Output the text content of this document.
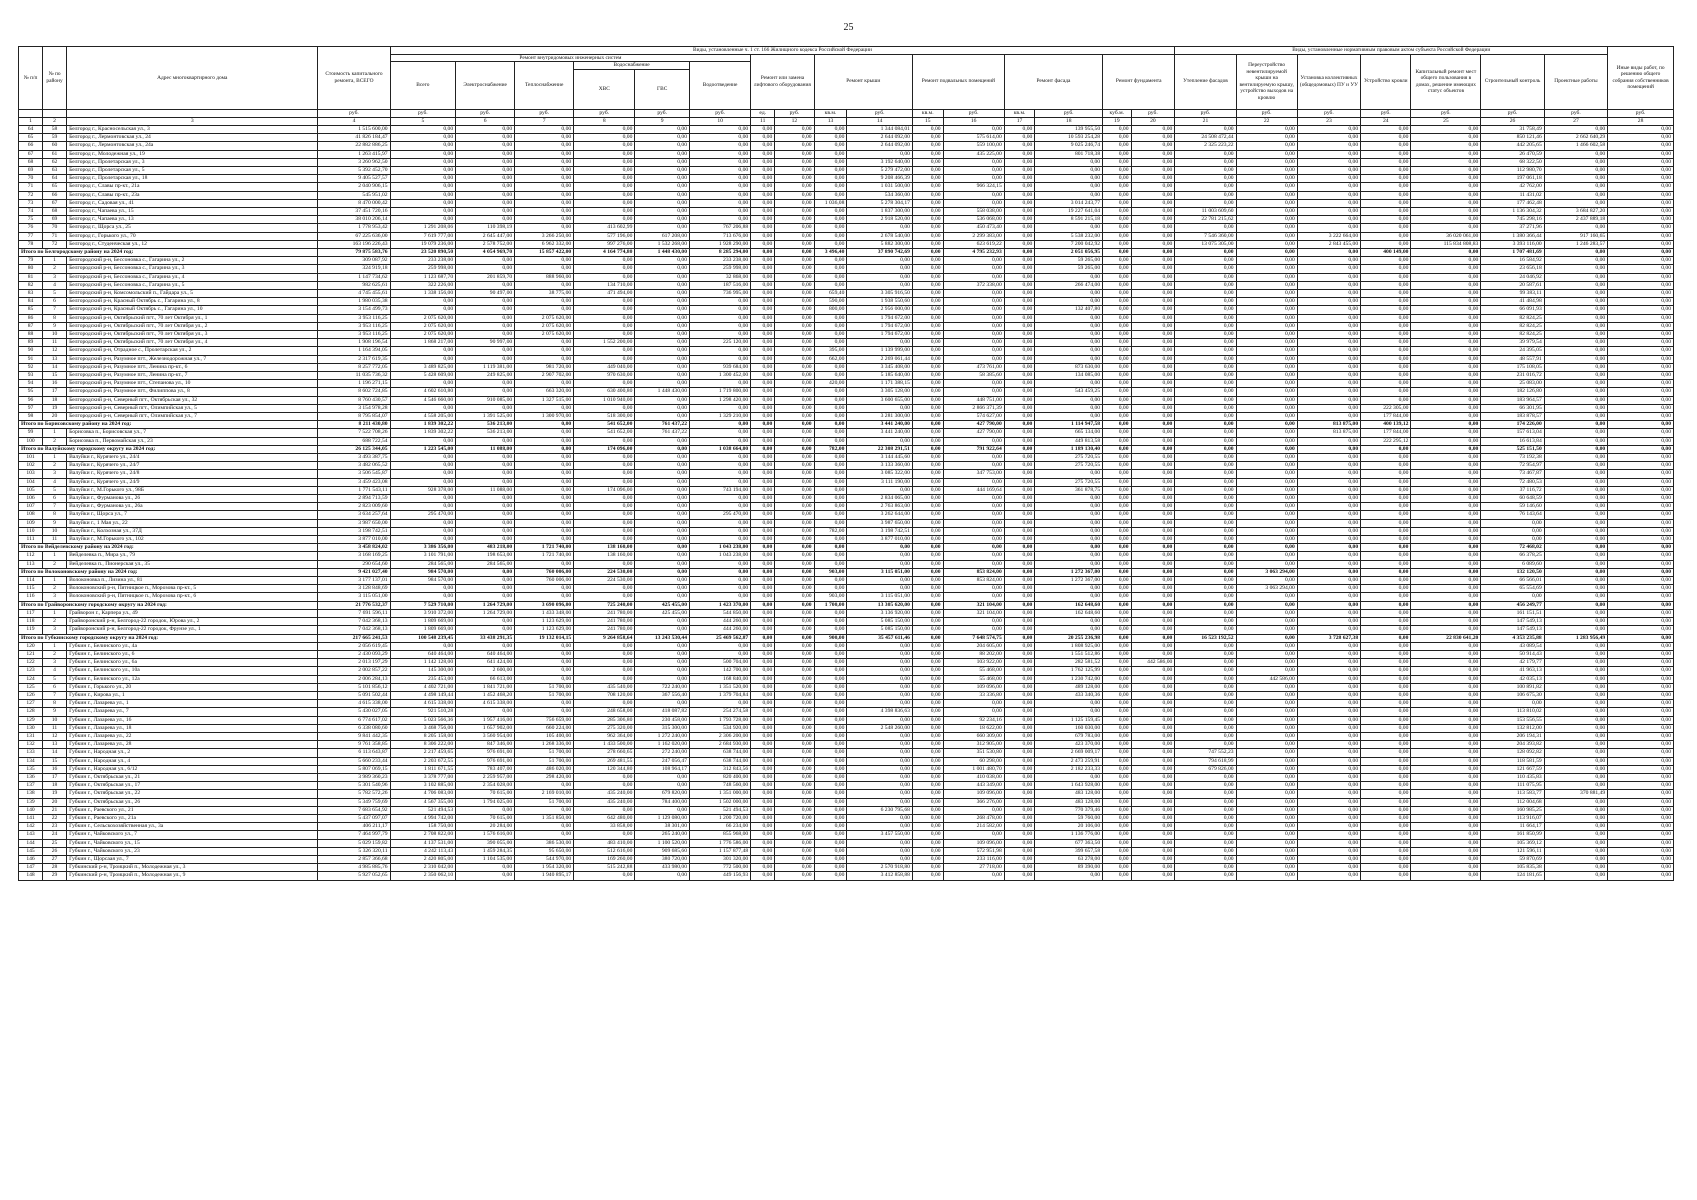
25
№ п/п	№ по району	Адрес многоквартирного дома	Стоимость капитального ремонта, ВСЕГО	Виды, установленные ч. 1 ст. 166 Жилищного кодекса Российской Федерации																Виды, установленные нормативным правовым актом субъекта Российской Федерации							Иные виды работ, по решению общего собрания собственников помещений
				Ремонт внутридомовых инженерных систем						Ремонт или замена лифтового оборудования		Ремонт крыши		Ремонт подвальных помещений		Ремонт фасада		Ремонт фундамента		Утепление фасадов	Переустройство невентилируемой крыши на вентилируемую крышу, устройство выходов на кровлю	Установка коллективных (общедомовых) ПУ и УУ	Устройство кровли	Капитальный ремонт мест общего пользования в домах, решение имеющих статус объектов	Строительный контроль	Проектные работы	
				Всего	Электроснабжение	Теплоснабжение	Водоснабжение		Водоотведение																		
							ХВС	ГВС																			
			руб.	руб.	руб.	руб.	руб.	руб.	руб.	ед.	руб.	кв.м.	руб.	кв.м.	руб.	кв.м.	руб.	куб.м.	руб.	руб.	руб.	руб.	руб.	руб.	руб.	руб.	руб.
1	2	3	4	5	6	7	8	9	10	11	12	13	14	15	16	17	18	19	20	21	22	23	24	25	26	27	28
64	58	Белгород г., Красносельская ул., 3	1 515 600,00	0,00	0,00	0,00	0,00	0,00	0,00	0,00	0,00	0,00	1 344 084,01	0,00	0,00	0,00	139 955,50	0,00	0,00	0,00	0,00	0,00	0,00	0,00	31 758,49	0,00	0,00
65	59	Белгород г., Лермонтовская ул., 24	41 826 184,47	0,00	0,00	0,00	0,00	0,00	0,00	0,00	0,00	0,00	2 644 092,00	0,00	575 614,00	0,00	10 593 254,28	0,00	0,00	24 508 472,44	0,00	0,00	0,00	0,00	850 121,46	2 662 640,29	0,00
66	60	Белгород г., Лермонтовская ул., 24а	22 882 886,25	0,00	0,00	0,00	0,00	0,00	0,00	0,00	0,00	0,00	2 644 092,00	0,00	559 100,00	0,00	9 025 246,74	0,00	0,00	2 325 223,22	0,00	0,00	0,00	0,00	442 205,65	1 466 602,58	0,00
67	61	Белгород г., Молодежная ул., 19	1 263 415,97	0,00	0,00	0,00	0,00	0,00	0,00	0,00	0,00	0,00	0,00	0,00	435 225,00	0,00	801 718,38	0,00	0,00	0,00	0,00	0,00	0,00	0,00	26 470,59	0,00	0,00
68	62	Белгород г., Пролетарская ул., 3	3 260 962,50	0,00	0,00	0,00	0,00	0,00	0,00	0,00	0,00	0,00	3 192 640,00	0,00	0,00	0,00	0,00	0,00	0,00	0,00	0,00	0,00	0,00	0,00	68 322,50	0,00	0,00
69	63	Белгород г., Пролетарская ул., 5	5 392 452,70	0,00	0,00	0,00	0,00	0,00	0,00	0,00	0,00	0,00	5 279 472,00	0,00	0,00	0,00	0,00	0,00	0,00	0,00	0,00	0,00	0,00	0,00	112 980,70	0,00	0,00
70	64	Белгород г., Пролетарская ул., 18	9 405 527,57	0,00	0,00	0,00	0,00	0,00	0,00	0,00	0,00	0,00	9 208 466,39	0,00	0,00	0,00	0,00	0,00	0,00	0,00	0,00	0,00	0,00	0,00	197 061,18	0,00	0,00
71	65	Белгород г., Славы пр-кт., 21а	2 040 906,15	0,00	0,00	0,00	0,00	0,00	0,00	0,00	0,00	0,00	1 031 500,00	0,00	966 324,15	0,00	0,00	0,00	0,00	0,00	0,00	0,00	0,00	0,00	42 762,00	0,00	0,00
72	66	Белгород г., Славы пр-кт., 23а	545 951,02	0,00	0,00	0,00	0,00	0,00	0,00	0,00	0,00	0,00	534 360,00	0,00	0,00	0,00	0,00	0,00	0,00	0,00	0,00	0,00	0,00	0,00	11 431,02	0,00	0,00
73	67	Белгород г., Садовая ул., 41	8 470 000,42	0,00	0,00	0,00	0,00	0,00	0,00	0,00	0,00	1 036,08	5 278 304,17	0,00	0,00	0,00	3 014 243,77	0,00	0,00	0,00	0,00	0,00	0,00	0,00	177 462,48	0,00	0,00
74	68	Белгород г., Чапаева ул., 15	37 451 720,16	0,00	0,00	0,00	0,00	0,00	0,00	0,00	0,00	0,00	1 837 300,00	0,00	558 038,00	0,00	19 227 641,04	0,00	0,00	11 003 609,60	0,00	0,00	0,00	0,00	1 136 304,32	3 684 827,20	0,00
75	69	Белгород г., Чапаева ул., 13	38 010 206,14	0,00	0,00	0,00	0,00	0,00	0,00	0,00	0,00	0,00	2 918 520,00	0,00	536 068,00	0,00	8 591 215,18	0,00	0,00	22 781 215,62	0,00	0,00	0,00	0,00	745 298,16	2 437 889,18	0,00
76	70	Белгород г., Щорса ул., 25	1 778 953,42	1 291 208,06	110 398,19	0,00	413 602,99	0,00	767 206,88	0,00	0,00	0,00	0,00	0,00	450 473,40	0,00	0,00	0,00	0,00	0,00	0,00	0,00	0,00	0,00	37 271,96	0,00	0,00
77	71	Белгород г., Горького ул., 70	67 225 636,00	7 619 777,00	2 645 447,00	3 266 250,00	577 196,00	617 208,00	713 676,00	0,00	0,00	0,00	2 678 540,00	0,00	2 299 383,00	0,00	5 538 232,00	0,00	0,00	7 546 360,00	0,00	3 222 664,00	0,00	36 020 061,00	1 380 366,44	917 160,65	0,00
78	72	Белгород г., Студенческая ул., 12	163 196 226,43	19 079 236,00	2 578 752,00	6 962 332,00	997 276,00	1 532 268,00	1 928 290,00	0,00	0,00	0,00	5 882 300,00	0,00	623 619,22	0,00	7 200 042,92	0,00	0,00	13 075 305,00	0,00	2 843 455,00	0,00	115 834 808,83	3 393 116,00	1 246 283,57	0,00
Итого по Белгородскому району на 2024 год:			79 875 583,76	23 520 890,50	4 054 969,70	15 857 422,00	4 164 774,80	1 448 430,00	8 285 294,00	0,00	0,00	3 496,40	37 890 742,69	0,00	4 795 232,93	0,00	2 051 056,95	0,00	0,00	0,00	0,00	0,00	400 149,00	0,00	1 707 481,69	0,00	0,00
79	1	Белгородский р-н, Бессоновка с., Гагарина ул., 2	309 087,92	233 238,00	0,00	0,00	0,00	0,00	233 238,00	0,00	0,00	0,00	0,00	0,00	0,00	0,00	59 265,00	0,00	0,00	0,00	0,00	0,00	0,00	0,00	16 584,92	0,00	0,00
80	2	Белгородский р-н, Бессоновка с., Гагарина ул., 3	324 919,18	259 998,00	0,00	0,00	0,00	0,00	259 998,00	0,00	0,00	0,00	0,00	0,00	0,00	0,00	59 265,00	0,00	0,00	0,00	0,00	0,00	0,00	0,00	23 656,18	0,00	0,00
81	3	Белгородский р-н, Бессоновка с., Гагарина ул., 4	1 147 734,62	1 123 687,70	201 859,70	888 960,00	0,00	0,00	32 868,00	0,00	0,00	0,00	0,00	0,00	0,00	0,00	0,00	0,00	0,00	0,00	0,00	0,00	0,00	0,00	24 046,92	0,00	0,00
82	4	Белгородский р-н, Бессоновка с., Гагарина ул., 5	982 625,61	322 226,00	0,00	0,00	134 710,00	0,00	187 516,00	0,00	0,00	0,00	0,00	0,00	372 338,00	0,00	266 474,00	0,00	0,00	0,00	0,00	0,00	0,00	0,00	20 587,61	0,00	0,00
83	5	Белгородский р-н, Комсомольский п., Гайдара ул., 5	4 745 455,61	1 338 156,00	90 497,00	38 775,00	471 494,00	0,00	736 995,00	0,00	0,00	659,40	3 305 916,50	0,00	0,00	0,00	0,00	0,00	0,00	0,00	0,00	0,00	0,00	0,00	99 383,11	0,00	0,00
84	6	Белгородский р-н, Красный Октябрь с., Гагарина ул., 8	1 980 035,38	0,00	0,00	0,00	0,00	0,00	0,00	0,00	0,00	590,00	1 938 550,60	0,00	0,00	0,00	0,00	0,00	0,00	0,00	0,00	0,00	0,00	0,00	41 484,98	0,00	0,00
85	7	Белгородский р-н, Красный Октябрь с., Гагарина ул., 10	3 154 499,73	0,00	0,00	0,00	0,00	0,00	0,00	0,00	0,00	800,00	2 956 000,00	0,00	0,00	0,00	132 407,80	0,00	0,00	0,00	0,00	0,00	0,00	0,00	66 091,93	0,00	0,00
86	8	Белгородский р-н, Октябрьский пгт., 70 лет Октября ул., 1	3 953 116,25	2 075 620,00	0,00	2 075 620,00	0,00	0,00	0,00	0,00	0,00	0,00	1 794 672,00	0,00	0,00	0,00	0,00	0,00	0,00	0,00	0,00	0,00	0,00	0,00	82 824,25	0,00	0,00
87	9	Белгородский р-н, Октябрьский пгт., 70 лет Октября ул., 2	3 953 116,25	2 075 620,00	0,00	2 075 620,00	0,00	0,00	0,00	0,00	0,00	0,00	1 794 672,00	0,00	0,00	0,00	0,00	0,00	0,00	0,00	0,00	0,00	0,00	0,00	82 824,25	0,00	0,00
88	10	Белгородский р-н, Октябрьский пгт., 70 лет Октября ул., 3	3 953 116,25	2 075 620,00	0,00	2 075 620,00	0,00	0,00	0,00	0,00	0,00	0,00	1 794 672,00	0,00	0,00	0,00	0,00	0,00	0,00	0,00	0,00	0,00	0,00	0,00	82 824,25	0,00	0,00
89	11	Белгородский р-н, Октябрьский пгт., 70 лет Октября ул., 4	1 908 196,54	1 868 217,00	90 997,00	0,00	1 552 200,00	0,00	225 120,00	0,00	0,00	0,00	0,00	0,00	0,00	0,00	0,00	0,00	0,00	0,00	0,00	0,00	0,00	0,00	39 979,54	0,00	0,00
90	12	Белгородский р-н, Отрадное с., Пролетарская ул., 2	1 164 394,05	0,00	0,00	0,00	0,00	0,00	0,00	0,00	0,00	395,00	1 139 999,00	0,00	0,00	0,00	0,00	0,00	0,00	0,00	0,00	0,00	0,00	0,00	24 395,05	0,00	0,00
91	13	Белгородский р-н, Разумное пгт., Железнодорожная ул., 7	2 317 619,35	0,00	0,00	0,00	0,00	0,00	0,00	0,00	0,00	662,00	2 269 061,44	0,00	0,00	0,00	0,00	0,00	0,00	0,00	0,00	0,00	0,00	0,00	48 557,91	0,00	0,00
92	14	Белгородский р-н, Разумное пгт., Ленина пр-кт., 6	8 257 772,05	3 489 825,00	1 119 381,00	981 720,00	449 040,00	0,00	939 684,00	0,00	0,00	0,00	3 345 408,00	0,00	473 761,00	0,00	873 630,00	0,00	0,00	0,00	0,00	0,00	0,00	0,00	175 108,05	0,00	0,00
93	15	Белгородский р-н, Разумное пгт., Ленина пр-кт., 7	11 035 736,32	5 428 609,00	249 825,00	2 907 702,00	970 630,00	0,00	1 300 452,00	0,00	0,00	0,00	5 185 640,00	0,00	58 385,60	0,00	134 085,00	0,00	0,00	0,00	0,00	0,00	0,00	0,00	231 016,72	0,00	0,00
94	16	Белгородский р-н, Разумное пгт., Степанова ул., 10	1 196 271,15	0,00	0,00	0,00	0,00	0,00	0,00	0,00	0,00	420,00	1 171 388,15	0,00	0,00	0,00	0,00	0,00	0,00	0,00	0,00	0,00	0,00	0,00	25 083,00	0,00	0,00
95	17	Белгородский р-н, Разумное пгт., Филиппова ул., 8	8 602 724,85	4 602 610,80	0,00	663 320,00	630 400,80	1 448 430,00	1 719 800,00	0,00	0,00	0,00	3 305 128,00	0,00	0,00	0,00	543 459,25	0,00	0,00	0,00	0,00	0,00	0,00	0,00	182 126,80	0,00	0,00
96	18	Белгородский р-н, Северный пгт., Октябрьская ул., 32	8 760 430,57	4 546 660,00	910 085,00	1 327 515,00	1 010 940,00	0,00	1 298 420,00	0,00	0,00	0,00	3 600 655,00	0,00	448 751,00	0,00	0,00	0,00	0,00	0,00	0,00	0,00	0,00	0,00	183 964,57	0,00	0,00
97	19	Белгородский р-н, Северный пгт., Олимпийская ул., 5	3 154 978,28	0,00	0,00	0,00	0,00	0,00	0,00	0,00	0,00	0,00	0,00	0,00	2 866 371,39	0,00	0,00	0,00	0,00	0,00	0,00	0,00	222 305,00	0,00	66 301,95	0,00	0,00
98	20	Белгородский р-н, Северный пгт., Олимпийская ул., 7	8 795 854,07	4 558 205,00	1 391 525,00	1 300 970,00	518 300,00	0,00	1 329 210,00	0,00	0,00	0,00	3 281 300,00	0,00	574 627,00	0,00	0,00	0,00	0,00	0,00	0,00	0,00	177 844,00	0,00	183 878,57	0,00	0,00
Итого по Борисовскому району на 2024 год:			8 211 430,80	1 839 302,22	536 213,00	0,00	541 652,00	761 437,22	0,00	0,00	0,00	0,00	3 441 240,00	0,00	427 790,00	0,00	1 114 947,58	0,00	0,00	0,00	0,00	813 875,00	400 139,12	0,00	174 226,00	0,00	0,00
99	1	Борисовка п., Борисовская ул., 7	7 522 708,26	1 839 302,22	536 213,00	0,00	541 652,00	761 437,22	0,00	0,00	0,00	0,00	3 441 240,00	0,00	427 790,00	0,00	665 134,00	0,00	0,00	0,00	0,00	813 875,00	177 844,00	0,00	157 613,04	0,00	0,00
100	2	Борисовка п., Первомайская ул., 23	688 722,54	0,00	0,00	0,00	0,00	0,00	0,00	0,00	0,00	0,00	0,00	0,00	0,00	0,00	449 813,58	0,00	0,00	0,00	0,00	0,00	222 295,12	0,00	16 613,84	0,00	0,00
Итого по Валуйскому городскому округу на 2024 год:			26 125 344,05	1 223 545,00	11 088,00	0,00	174 096,00	0,00	1 038 664,00	0,00	0,00	782,00	22 308 291,51	0,00	791 922,64	0,00	1 189 130,40	0,00	0,00	0,00	0,00	0,00	0,00	0,00	525 151,50	0,00	0,00
101	1	Валуйки г., Курячего ул., 24/4	3 493 387,75	0,00	0,00	0,00	0,00	0,00	0,00	0,00	0,00	0,00	3 144 445,60	0,00	0,00	0,00	275 720,55	0,00	0,00	0,00	0,00	0,00	0,00	0,00	73 192,38	0,00	0,00
102	2	Валуйки г., Курячего ул., 24/7	3 482 065,52	0,00	0,00	0,00	0,00	0,00	0,00	0,00	0,00	0,00	3 133 360,00	0,00	0,00	0,00	275 720,55	0,00	0,00	0,00	0,00	0,00	0,00	0,00	72 954,97	0,00	0,00
103	3	Валуйки г., Курячего ул., 24/8	3 506 545,87	0,00	0,00	0,00	0,00	0,00	0,00	0,00	0,00	0,00	3 085 322,00	0,00	347 753,00	0,00	0,00	0,00	0,00	0,00	0,00	0,00	0,00	0,00	73 467,87	0,00	0,00
104	4	Валуйки г., Курячего ул., 24/9	3 459 423,08	0,00	0,00	0,00	0,00	0,00	0,00	0,00	0,00	0,00	3 111 190,00	0,00	0,00	0,00	275 720,55	0,00	0,00	0,00	0,00	0,00	0,00	0,00	72 480,53	0,00	0,00
105	5	Валуйки г., М.Горького ул., 98Б	1 771 543,11	928 378,00	11 088,00	0,00	174 096,00	0,00	743 194,00	0,00	0,00	0,00	0,00	0,00	444 169,64	0,00	361 878,75	0,00	0,00	0,00	0,00	0,00	0,00	0,00	37 116,72	0,00	0,00
106	6	Валуйки г., Фурманова ул., 26	2 894 713,59	0,00	0,00	0,00	0,00	0,00	0,00	0,00	0,00	0,00	2 834 065,00	0,00	0,00	0,00	0,00	0,00	0,00	0,00	0,00	0,00	0,00	0,00	60 648,59	0,00	0,00
107	7	Валуйки г., Фурманова ул., 26а	2 823 009,60	0,00	0,00	0,00	0,00	0,00	0,00	0,00	0,00	0,00	2 763 863,00	0,00	0,00	0,00	0,00	0,00	0,00	0,00	0,00	0,00	0,00	0,00	59 146,60	0,00	0,00
108	8	Валуйки г., Щорса ул., 7	3 634 257,64	295 470,00	0,00	0,00	0,00	0,00	295 470,00	0,00	0,00	0,00	3 262 644,00	0,00	0,00	0,00	0,00	0,00	0,00	0,00	0,00	0,00	0,00	0,00	76 143,64	0,00	0,00
109	9	Валуйки г., 1 Мая ул., 22	3 987 650,00	0,00	0,00	0,00	0,00	0,00	0,00	0,00	0,00	0,00	3 987 650,00	0,00	0,00	0,00	0,00	0,00	0,00	0,00	0,00	0,00	0,00	0,00	0,00	0,00	0,00
110	10	Валуйки г., Колхозная ул., 37Д	3 198 742,51	0,00	0,00	0,00	0,00	0,00	0,00	0,00	0,00	782,00	3 198 742,51	0,00	0,00	0,00	0,00	0,00	0,00	0,00	0,00	0,00	0,00	0,00	0,00	0,00	0,00
111	11	Валуйки г., М.Горького ул., 102	3 877 010,00	0,00	0,00	0,00	0,00	0,00	0,00	0,00	0,00	0,00	3 877 010,00	0,00	0,00	0,00	0,00	0,00	0,00	0,00	0,00	0,00	0,00	0,00	0,00	0,00	0,00
Итого по Вейделевскому району на 2024 год:			3 458 824,02	3 386 356,00	483 218,00	1 721 740,00	138 160,00	0,00	1 043 238,00	0,00	0,00	0,00	0,00	0,00	0,00	0,00	0,00	0,00	0,00	0,00	0,00	0,00	0,00	0,00	72 468,02	0,00	0,00
112	1	Вейделевка п., Мира ул., 79	3 168 169,25	3 101 791,00	198 653,00	1 721 740,00	138 160,00	0,00	1 043 238,00	0,00	0,00	0,00	0,00	0,00	0,00	0,00	0,00	0,00	0,00	0,00	0,00	0,00	0,00	0,00	66 378,25	0,00	0,00
113	2	Вейделевка п., Пионерская ул., 35	290 654,60	284 565,00	284 565,00	0,00	0,00	0,00	0,00	0,00	0,00	0,00	0,00	0,00	0,00	0,00	0,00	0,00	0,00	0,00	0,00	0,00	0,00	0,00	6 089,60	0,00	0,00
Итого по Волоконовскому району на 2024 год:			9 421 027,40	984 570,00	0,00	760 006,00	224 530,00	0,00	0,00	0,00	0,00	903,00	3 115 051,00	0,00	853 824,00	0,00	1 272 367,00	0,00	0,00	0,00	3 063 294,00	0,00	0,00	0,00	132 120,50	0,00	0,00
114	1	Волоконовка п., Лизина ул., 81	3 177 137,01	984 570,00	0,00	760 006,00	224 530,00	0,00	0,00	0,00	0,00	0,00	0,00	0,00	853 824,00	0,00	1 272 367,00	0,00	0,00	0,00	0,00	0,00	0,00	0,00	66 566,01	0,00	0,00
115	2	Волоконовский р-н, Пятницкое п., Морозова пр-кт., 5	3 128 848,69	0,00	0,00	0,00	0,00	0,00	0,00	0,00	0,00	0,00	0,00	0,00	0,00	0,00	0,00	0,00	0,00	0,00	3 063 294,00	0,00	0,00	0,00	65 554,69	0,00	0,00
116	3	Волоконовский р-н, Пятницкое п., Морозова пр-кт., 6	3 115 051,00	0,00	0,00	0,00	0,00	0,00	0,00	0,00	0,00	903,00	3 115 051,00	0,00	0,00	0,00	0,00	0,00	0,00	0,00	0,00	0,00	0,00	0,00	0,00	0,00	0,00
Итого по Грайворонскому городскому округу на 2024 год:			21 776 532,37	7 529 710,00	1 264 729,00	3 690 096,00	725 240,00	425 455,00	1 423 370,00	0,00	0,00	1 700,00	13 305 620,00	0,00	321 104,00	0,00	162 648,60	0,00	0,00	0,00	0,00	0,00	0,00	0,00	456 249,77	0,00	0,00
117	1	Грайворон г., Карпера ул., 49	7 691 596,11	3 910 372,00	1 264 729,00	1 433 348,00	241 780,00	425 455,00	544 850,00	0,00	0,00	0,00	3 136 920,00	0,00	321 104,00	0,00	162 648,60	0,00	0,00	0,00	0,00	0,00	0,00	0,00	161 151,51	0,00	0,00
118	2	Грайворонский р-н, Белгород-22 городок, Юрова ул., 2	7 042 368,13	1 809 669,00	0,00	1 123 629,00	241 780,00	0,00	444 260,00	0,00	0,00	0,00	5 085 150,00	0,00	0,00	0,00	0,00	0,00	0,00	0,00	0,00	0,00	0,00	0,00	147 549,13	0,00	0,00
119	3	Грайворонский р-н, Белгород-22 городок, Фрунзе ул., 1	7 042 368,13	1 809 669,00	0,00	1 123 629,00	241 780,00	0,00	444 260,00	0,00	0,00	0,00	5 085 150,00	0,00	0,00	0,00	0,00	0,00	0,00	0,00	0,00	0,00	0,00	0,00	147 549,13	0,00	0,00
Итого по Губкинскому городскому округу на 2024 год:			217 665 241,53	100 548 239,45	33 438 291,35	19 132 014,15	9 264 858,64	13 243 530,44	25 469 562,87	0,00	0,00	900,00	35 457 611,46	0,00	7 648 574,75	0,00	20 255 236,98	0,00	0,00	16 523 192,52	0,00	3 728 627,38	0,00	22 830 641,20	4 353 235,88	1 283 956,49	0,00
120	1	Губкин г., Белинского ул., 4а	2 056 619,45	0,00	0,00	0,00	0,00	0,00	0,00	0,00	0,00	0,00	0,00	0,00	204 605,00	0,00	1 808 925,00	0,00	0,00	0,00	0,00	0,00	0,00	0,00	43 089,54	0,00	0,00
121	2	Губкин г., Белинского ул., 6	2 430 093,29	640 464,00	640 464,00	0,00	0,00	0,00	0,00	0,00	0,00	0,00	0,00	0,00	88 202,00	0,00	1 551 512,86	0,00	0,00	0,00	0,00	0,00	0,00	0,00	50 914,43	0,00	0,00
122	3	Губкин г., Белинского ул., 6а	2 013 197,29	1 142 128,00	641 424,00	0,00	0,00	0,00	500 704,00	0,00	0,00	0,00	0,00	0,00	103 922,00	0,00	282 581,52	0,00	442 586,00	0,00	0,00	0,00	0,00	0,00	42 179,77	0,00	0,00
123	4	Губкин г., Белинского ул., 10а	2 002 857,22	145 300,00	2 600,00	0,00	0,00	0,00	142 700,00	0,00	0,00	0,00	0,00	0,00	55 468,00	0,00	1 762 125,99	0,00	0,00	0,00	0,00	0,00	0,00	0,00	41 963,13	0,00	0,00
124	5	Губкин г., Белинского ул., 12а	2 006 284,13	235 453,00	66 613,00	0,00	0,00	0,00	168 840,00	0,00	0,00	0,00	0,00	0,00	55 468,00	0,00	1 230 742,00	0,00	0,00	0,00	442 586,00	0,00	0,00	0,00	42 035,13	0,00	0,00
125	6	Губкин г., Горького ул., 20	5 101 856,12	4 402 721,00	1 841 721,00	51 700,00	435 540,00	722 240,00	1 351 520,00	0,00	0,00	0,00	0,00	0,00	109 096,00	0,00	489 128,00	0,00	0,00	0,00	0,00	0,00	0,00	0,00	100 891,82	0,00	0,00
126	7	Губкин г., Кирова ул., 1	5 091 502,44	4 498 149,44	1 452 468,20	51 700,00	708 120,00	367 556,40	1 379 704,84	0,00	0,00	0,00	0,00	0,00	33 336,80	0,00	433 340,36	0,00	0,00	0,00	0,00	0,00	0,00	0,00	106 675,30	0,00	0,00
127	8	Губкин г., Лазарева ул., 1	4 615 338,00	4 615 338,00	4 615 338,00	0,00	0,00	0,00	0,00	0,00	0,00	0,00	0,00	0,00	0,00	0,00	0,00	0,00	0,00	0,00	0,00	0,00	0,00	0,00	0,00	0,00	0,00
128	9	Губкин г., Лазарева ул., 7	5 430 027,05	921 510,28	0,00	0,00	248 658,00	418 087,82	254 274,58	0,00	0,00	0,00	4 398 836,63	0,00	0,00	0,00	0,00	0,00	0,00	0,00	0,00	0,00	0,00	0,00	113 810,02	0,00	0,00
129	10	Губкин г., Лазарева ул., 16	6 774 617,02	5 023 566,36	1 957 416,00	756 659,00	285 306,80	230 458,00	1 793 728,00	0,00	0,00	0,00	0,00	0,00	92 234,16	0,00	1 125 159,45	0,00	0,00	0,00	0,00	0,00	0,00	0,00	153 556,55	0,00	0,00
130	11	Губкин г., Лазарева ул., 18	6 338 080,60	3 468 756,00	1 657 902,00	660 224,00	275 320,00	315 300,00	534 920,00	0,00	0,00	0,00	2 548 260,00	0,00	18 622,00	0,00	160 030,00	0,00	0,00	0,00	0,00	0,00	0,00	0,00	132 812,00	0,00	0,00
131	12	Губкин г., Лазарева ул., 22	9 841 442,35	8 205 158,00	3 560 954,00	105 400,00	962 364,00	1 272 240,00	2 306 200,00	0,00	0,00	0,00	0,00	0,00	660 309,00	0,00	679 783,00	0,00	0,00	0,00	0,00	0,00	0,00	0,00	206 194,31	0,00	0,00
132	13	Губкин г., Лазарева ул., 28	9 761 358,85	8 306 222,00	847 346,00	1 268 336,00	1 433 500,00	1 162 020,00	2 684 930,00	0,00	0,00	0,00	0,00	0,00	312 905,00	0,00	423 370,00	0,00	0,00	0,00	0,00	0,00	0,00	0,00	204 393,82	0,00	0,00
133	14	Губкин г., Народная ул., 2	6 113 643,87	2 217 459,65	976 691,00	51 700,00	278 660,65	272 240,00	638 744,00	0,00	0,00	0,00	0,00	0,00	351 530,80	0,00	2 669 009,17	0,00	0,00	747 552,23	0,00	0,00	0,00	0,00	128 092,82	0,00	0,00
134	15	Губкин г., Народная ул., 4	5 660 233,44	2 203 672,55	976 691,00	51 700,00	269 481,55	247 056,47	638 744,00	0,00	0,00	0,00	0,00	0,00	60 298,00	0,00	2 473 259,91	0,00	0,00	794 618,99	0,00	0,00	0,00	0,00	118 581,59	0,00	0,00
135	16	Губкин г., Народная ул., 6/12	5 807 069,15	1 811 671,55	783 407,00	486 020,00	120 344,80	108 964,17	312 843,56	0,00	0,00	0,00	0,00	0,00	1 001 480,70	0,00	2 182 233,33	0,00	0,00	679 826,00	0,00	0,00	0,00	0,00	121 667,59	0,00	0,00
136	17	Губкин г., Октябрьская ул., 21	3 989 360,23	3 378 777,00	2 259 957,00	298 420,00	0,00	0,00	820 400,00	0,00	0,00	0,00	0,00	0,00	410 038,00	0,00	0,00	0,00	0,00	0,00	0,00	0,00	0,00	0,00	110 435,83	0,00	0,00
137	18	Губкин г., Октябрьская ул., 17	5 301 540,96	3 102 885,00	2 354 028,00	0,00	0,00	0,00	748 560,00	0,00	0,00	0,00	0,00	0,00	443 349,00	0,00	1 643 928,00	0,00	0,00	0,00	0,00	0,00	0,00	0,00	111 075,95	0,00	0,00
138	19	Губкин г., Октябрьская ул., 22	5 782 572,26	4 706 083,00	70 615,00	2 169 010,00	435 240,00	679 820,00	1 351 000,00	0,00	0,00	0,00	0,00	0,00	109 096,00	0,00	483 128,00	0,00	0,00	0,00	0,00	0,00	0,00	0,00	113 583,77	370 881,49	0,00
139	20	Губкин г., Октябрьская ул., 26	5 349 759,69	4 567 355,00	1 794 025,00	51 700,00	435 240,00	784 400,00	1 502 000,00	0,00	0,00	0,00	0,00	0,00	366 276,00	0,00	483 128,00	0,00	0,00	0,00	0,00	0,00	0,00	0,00	112 004,68	0,00	0,00
140	21	Губкин г., Раевского ул., 21	7 683 654,92	521 494,53	0,00	0,00	0,00	0,00	521 494,53	0,00	0,00	0,00	6 230 795,68	0,00	0,00	0,00	770 379,46	0,00	0,00	0,00	0,00	0,00	0,00	0,00	160 985,25	0,00	0,00
141	22	Губкин г., Раевского ул., 21а	5 437 097,07	4 994 742,00	70 615,00	1 351 850,00	642 480,00	1 129 080,00	1 200 720,00	0,00	0,00	0,00	0,00	0,00	268 478,00	0,00	59 760,00	0,00	0,00	0,00	0,00	0,00	0,00	0,00	113 916,07	0,00	0,00
142	23	Губкин г., Сельскохозяйственная ул., 3а	406 211,17	158 750,00	20 284,00	0,00	33 858,00	38 301,00	66 234,00	0,00	0,00	0,00	0,00	0,00	214 582,00	0,00	20 106,00	0,00	0,00	0,00	0,00	0,00	0,00	0,00	11 664,17	0,00	0,00
143	24	Губкин г., Чайковского ул., 7	7 464 997,79	2 708 822,00	1 576 616,00	0,00	0,00	265 240,00	855 968,00	0,00	0,00	0,00	3 457 550,00	0,00	0,00	0,00	1 136 776,00	0,00	0,00	0,00	0,00	0,00	0,00	0,00	161 850,99	0,00	0,00
144	25	Губкин г., Чайковского ул., 15	5 029 159,82	4 137 531,00	390 055,00	386 530,00	483 410,00	1 100 520,00	1 776 586,00	0,00	0,00	0,00	0,00	0,00	109 096,00	0,00	677 363,50	0,00	0,00	0,00	0,00	0,00	0,00	0,00	105 369,12	0,00	0,00
145	26	Губкин г., Чайковского ул., 23	5 326 320,11	4 242 113,43	1 459 284,35	95 650,00	512 616,00	909 685,60	1 157 877,48	0,00	0,00	0,00	0,00	0,00	572 951,98	0,00	399 657,58	0,00	0,00	0,00	0,00	0,00	0,00	0,00	121 596,11	0,00	0,00
146	27	Губкин г., Щорсаая ул., 7	2 857 366,68	2 420 805,00	1 104 535,00	544 970,00	169 260,00	380 720,00	301 320,00	0,00	0,00	0,00	0,00	0,00	233 116,00	0,00	63 278,00	0,00	0,00	0,00	0,00	0,00	0,00	0,00	59 870,69	0,00	0,00
147	28	Губкинский р-н, Троицкий п., Молодежная ул., 3	4 985 885,76	2 310 042,00	0,00	1 954 320,00	515 242,88	433 980,00	772 500,00	0,00	0,00	0,00	2 570 918,80	0,00	27 718,00	0,00	89 390,00	0,00	0,00	0,00	0,00	0,00	0,00	0,00	105 835,38	0,00	0,00
148	29	Губкинский р-н, Троицкий п., Молодежная ул., 9	5 927 052,65	2 350 062,10	0,00	1 940 895,17	0,00	0,00	449 156,93	0,00	0,00	0,00	3 412 858,88	0,00	0,00	0,00	0,00	0,00	0,00	0,00	0,00	0,00	0,00	0,00	124 181,65	0,00	0,00
